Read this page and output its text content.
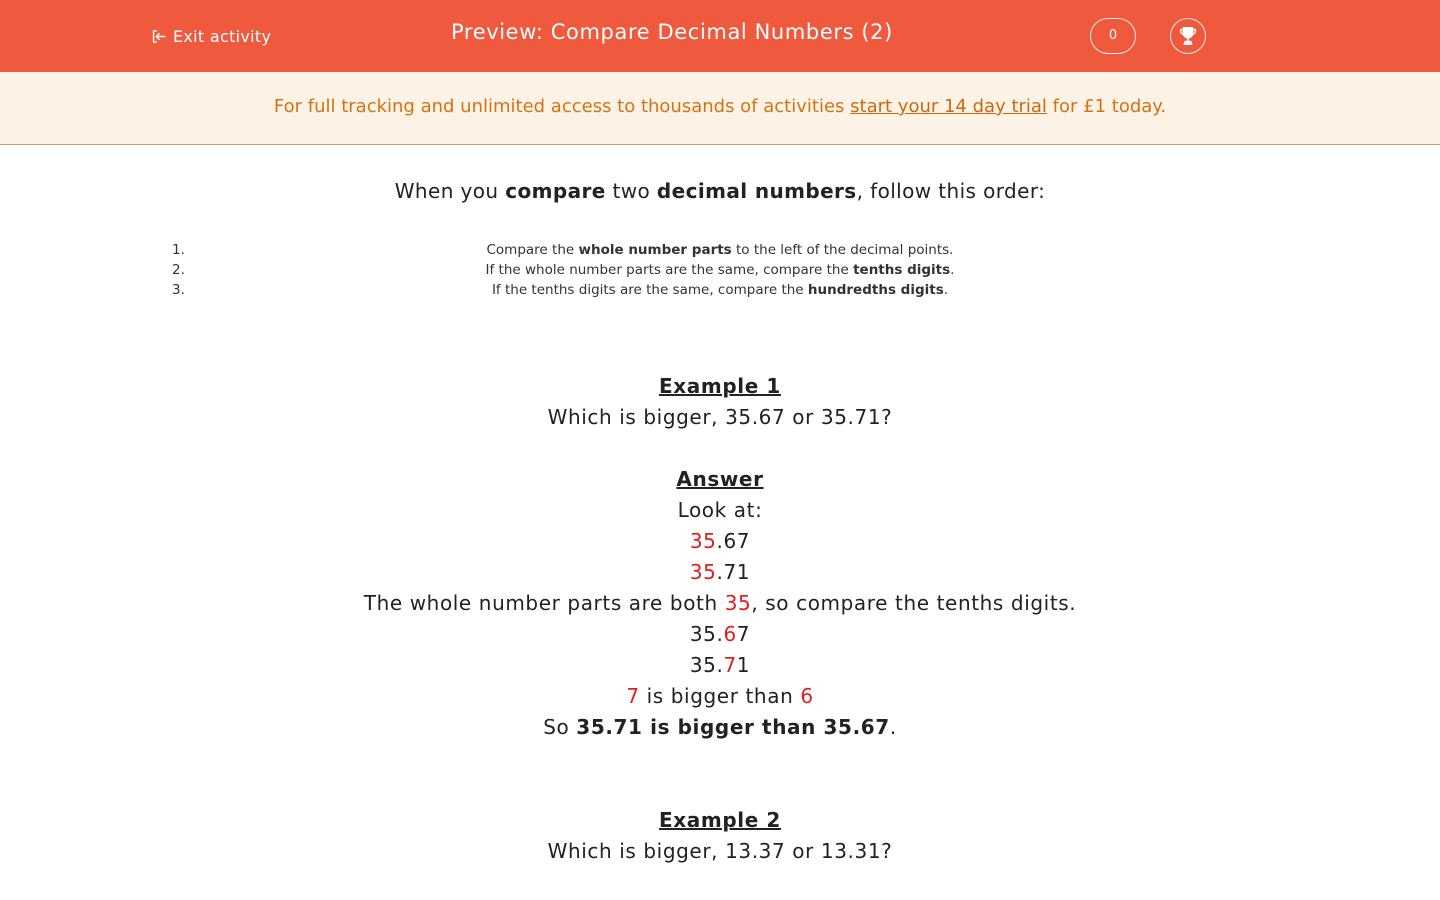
Exit activity	Preview: Compare Decimal Numbers (2)	0
For full tracking and unlimited access to thousands of activities start your 14 day trial for £1 today.
When you compare two decimal numbers, follow this order:
1.	Compare the whole number parts to the left of the decimal points.
2.	If the whole number parts are the same, compare the tenths digits.
3.	If the tenths digits are the same, compare the hundredths digits.
Example 1
Which is bigger, 35.67 or 35.71?
Answer
Look at:
35.67
35.71
The whole number parts are both 35, so compare the tenths digits.
35.67
35.71
7 is bigger than 6
So 35.71 is bigger than 35.67.
Example 2
Which is bigger, 13.37 or 13.31?
